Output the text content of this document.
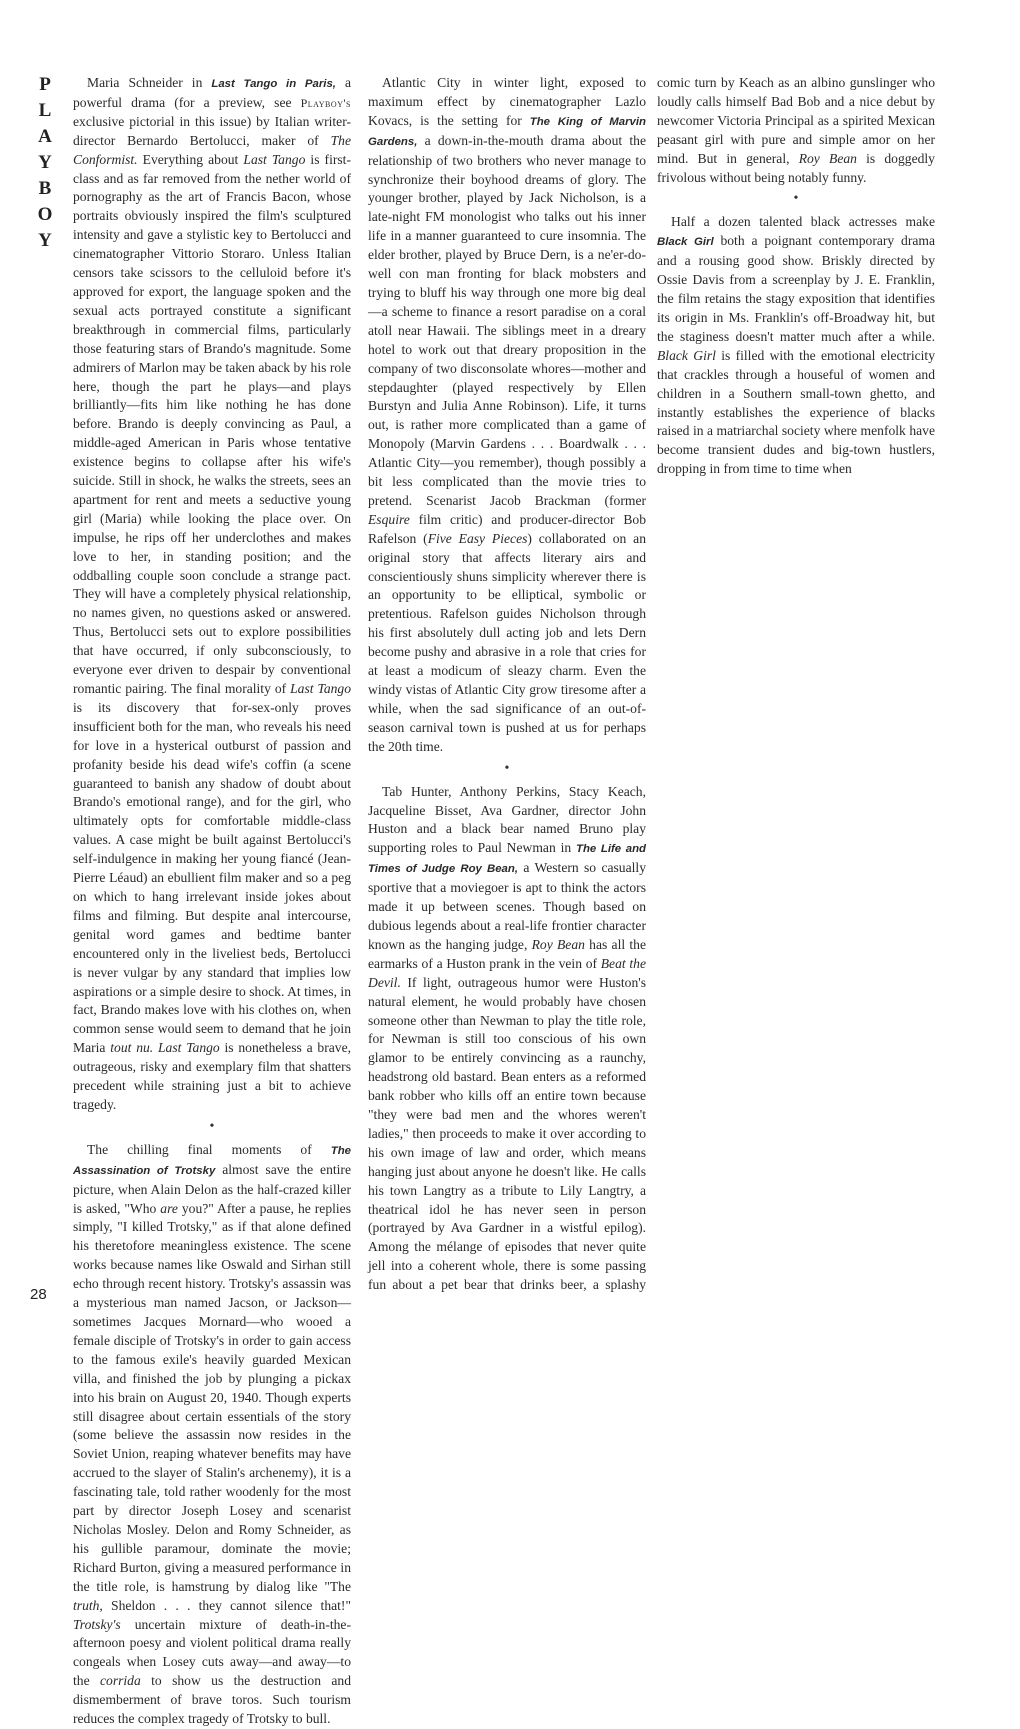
P
L
A
Y
B
O
Y
28

Maria Schneider in Last Tango in Paris, a powerful drama (for a preview, see Playboy's exclusive pictorial in this issue) by Italian writer-director Bernardo Bertolucci, maker of The Conformist. Everything about Last Tango is first-class and as far removed from the nether world of pornography as the art of Francis Bacon, whose portraits obviously inspired the film's sculptured intensity and gave a stylistic key to Bertolucci and cinematographer Vittorio Storaro. Unless Italian censors take scissors to the celluloid before it's approved for export, the language spoken and the sexual acts portrayed constitute a significant breakthrough in commercial films, particularly those featuring stars of Brando's magnitude. Some admirers of Marlon may be taken aback by his role here, though the part he plays—and plays brilliantly—fits him like nothing he has done before. Brando is deeply convincing as Paul, a middle-aged American in Paris whose tentative existence begins to collapse after his wife's suicide. Still in shock, he walks the streets, sees an apartment for rent and meets a seductive young girl (Maria) while looking the place over. On impulse, he rips off her underclothes and makes love to her, in standing position; and the oddballing couple soon conclude a strange pact. They will have a completely physical relationship, no names given, no questions asked or answered. Thus, Bertolucci sets out to explore possibilities that have occurred, if only subconsciously, to everyone ever driven to despair by conventional romantic pairing. The final morality of Last Tango is its discovery that for-sex-only proves insufficient both for the man, who reveals his need for love in a hysterical outburst of passion and profanity beside his dead wife's coffin (a scene guaranteed to banish any shadow of doubt about Brando's emotional range), and for the girl, who ultimately opts for comfortable middle-class values. A case might be built against Bertolucci's self-indulgence in making her young fiancé (Jean-Pierre Léaud) an ebullient film maker and so a peg on which to hang irrelevant inside jokes about films and filming. But despite anal intercourse, genital word games and bedtime banter encountered only in the liveliest beds, Bertolucci is never vulgar by any standard that implies low aspirations or a simple desire to shock. At times, in fact, Brando makes love with his clothes on, when common sense would seem to demand that he join Maria tout nu. Last Tango is nonetheless a brave, outrageous, risky and exemplary film that shatters precedent while straining just a bit to achieve tragedy.

•

The chilling final moments of The Assassination of Trotsky almost save the entire picture, when Alain Delon as the half-crazed killer is asked, "Who are you?" After a pause, he replies simply, "I killed Trotsky," as if that alone defined his theretofore meaningless existence. The scene works because names like Oswald and Sirhan still echo through recent history. Trotsky's assassin was a mysterious man named Jacson, or Jackson—sometimes Jacques Mornard—who wooed a female disciple of Trotsky's in order to gain access to the famous exile's heavily guarded Mexican villa, and finished the job by plunging a pickax into his brain on August 20, 1940. Though experts still disagree about certain essentials of the story (some believe the assassin now resides in the Soviet Union, reaping whatever benefits may have accrued to the slayer of Stalin's archenemy), it is a fascinating tale, told rather woodenly for the most part by director Joseph Losey and scenarist Nicholas Mosley. Delon and Romy Schneider, as his gullible paramour, dominate the movie; Richard Burton, giving a measured performance in the title role, is hamstrung by dialog like "The truth, Sheldon . . . they cannot silence that!" Trotsky's uncertain mixture of death-in-the-afternoon poesy and violent political drama really congeals when Losey cuts away—and away—to the corrida to show us the destruction and dismemberment of brave toros. Such tourism reduces the complex tragedy of Trotsky to bull.

Atlantic City in winter light, exposed to maximum effect by cinematographer Lazlo Kovacs, is the setting for The King of Marvin Gardens, a down-in-the-mouth drama about the relationship of two brothers who never manage to synchronize their boyhood dreams of glory. The younger brother, played by Jack Nicholson, is a late-night FM monologist who talks out his inner life in a manner guaranteed to cure insomnia. The elder brother, played by Bruce Dern, is a ne'er-do-well con man fronting for black mobsters and trying to bluff his way through one more big deal—a scheme to finance a resort paradise on a coral atoll near Hawaii. The siblings meet in a dreary hotel to work out that dreary proposition in the company of two disconsolate whores—mother and stepdaughter (played respectively by Ellen Burstyn and Julia Anne Robinson). Life, it turns out, is rather more complicated than a game of Monopoly (Marvin Gardens . . . Boardwalk . . . Atlantic City—you remember), though possibly a bit less complicated than the movie tries to pretend. Scenarist Jacob Brackman (former Esquire film critic) and producer-director Bob Rafelson (Five Easy Pieces) collaborated on an original story that affects literary airs and conscientiously shuns simplicity wherever there is an opportunity to be elliptical, symbolic or pretentious. Rafelson guides Nicholson through his first absolutely dull acting job and lets Dern become pushy and abrasive in a role that cries for at least a modicum of sleazy charm. Even the windy vistas of Atlantic City grow tiresome after a while, when the sad significance of an out-of-season carnival town is pushed at us for perhaps the 20th time.

•

Tab Hunter, Anthony Perkins, Stacy Keach, Jacqueline Bisset, Ava Gardner, director John Huston and a black bear named Bruno play supporting roles to Paul Newman in The Life and Times of Judge Roy Bean, a Western so casually sportive that a moviegoer is apt to think the actors made it up between scenes. Though based on dubious legends about a real-life frontier character known as the hanging judge, Roy Bean has all the earmarks of a Huston prank in the vein of Beat the Devil. If light, outrageous humor were Huston's natural element, he would probably have chosen someone other than Newman to play the title role, for Newman is still too conscious of his own glamor to be entirely convincing as a raunchy, headstrong old bastard. Bean enters as a reformed bank robber who kills off an entire town because "they were bad men and the whores weren't ladies," then proceeds to make it over according to his own image of law and order, which means hanging just about anyone he doesn't like. He calls his town Langtry as a tribute to Lily Langtry, a theatrical idol he has never seen in person (portrayed by Ava Gardner in a wistful epilog). Among the mélange of episodes that never quite jell into a coherent whole, there is some passing fun about a pet bear that drinks beer, a splashy comic turn by Keach as an albino gunslinger who loudly calls himself Bad Bob and a nice debut by newcomer Victoria Principal as a spirited Mexican peasant girl with pure and simple amor on her mind. But in general, Roy Bean is doggedly frivolous without being notably funny.

•

Half a dozen talented black actresses make Black Girl both a poignant contemporary drama and a rousing good show. Briskly directed by Ossie Davis from a screenplay by J. E. Franklin, the film retains the stagy exposition that identifies its origin in Ms. Franklin's off-Broadway hit, but the staginess doesn't matter much after a while. Black Girl is filled with the emotional electricity that crackles through a houseful of women and children in a Southern small-town ghetto, and instantly establishes the experience of blacks raised in a matriarchal society where menfolk have become transient dudes and big-town hustlers, dropping in from time to time when
